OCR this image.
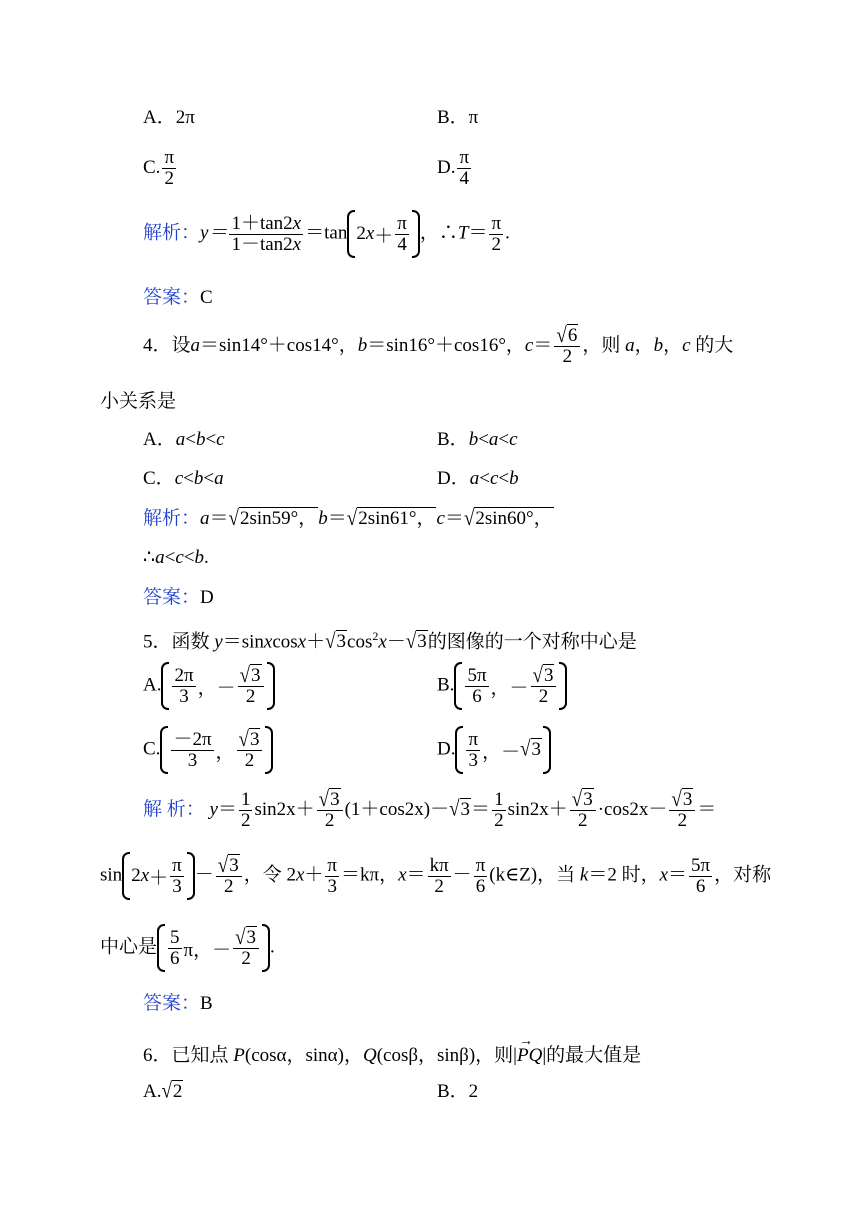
A．2π	B．π
C. $\frac{\pi}{2}$	D. $\frac{\pi}{4}$
解析：$y= \frac{1+\tan 2x}{1-\tan 2x} =\tan$ 2 $x + \frac{\pi}{4}$ ，∴T＝ $\frac{\pi}{2}$ .
答案：C
4．设a＝sin14°＋cos14°，b＝sin16°＋cos16°，$c= \frac{√6}{2}$ ，则 a，b，c 的大
小关系是
A．a<b<c	B．b<a<c
C．c<b<a	D．a<c<b
解析：a＝√2sin59°，b＝√2sin61°，c＝√2sin60°，
∴a<c<b.
答案：D
5．函数 $y=sinxcosx+√3\cos^2x-√3$的图像的一个对称中心是
A. $\frac{2\pi}{3}$ ，－ $\frac{√3}{2}$	B. $\frac{5\pi}{6}$ ，－ $\frac{√3}{2}$
C. $\frac{-2\pi}{3}$ ， $\frac{√3}{2}$	D. $\frac{\pi}{3}$ ，－ √3
解 析： $y= \frac{1}{2} \sin 2x+ \frac{√3}{2} (1+\cos 2x)-√3= \frac{1}{2} \sin 2x+ \frac{√3}{2} \cdot\cos 2x- \frac{√3}{2}$ ＝
sin 2 $x + \frac{\pi}{3} - \frac{√3}{2}$ ，令 $2x+ \frac{\pi}{3} =k\pi$，$x= \frac{k\pi}{2} - \frac{\pi}{6}$ (k∈Z)，当 k＝2 时，$x= \frac{5\pi}{6}$ ，对称
中心是 $\frac{5}{6}$ π，－ $\frac{√3}{2}$ .
答案：B
6．已知点 P(cosα，sinα)，Q(cosβ，sinβ)，则|→ PQ|的最大值是
A.√2	B．2
